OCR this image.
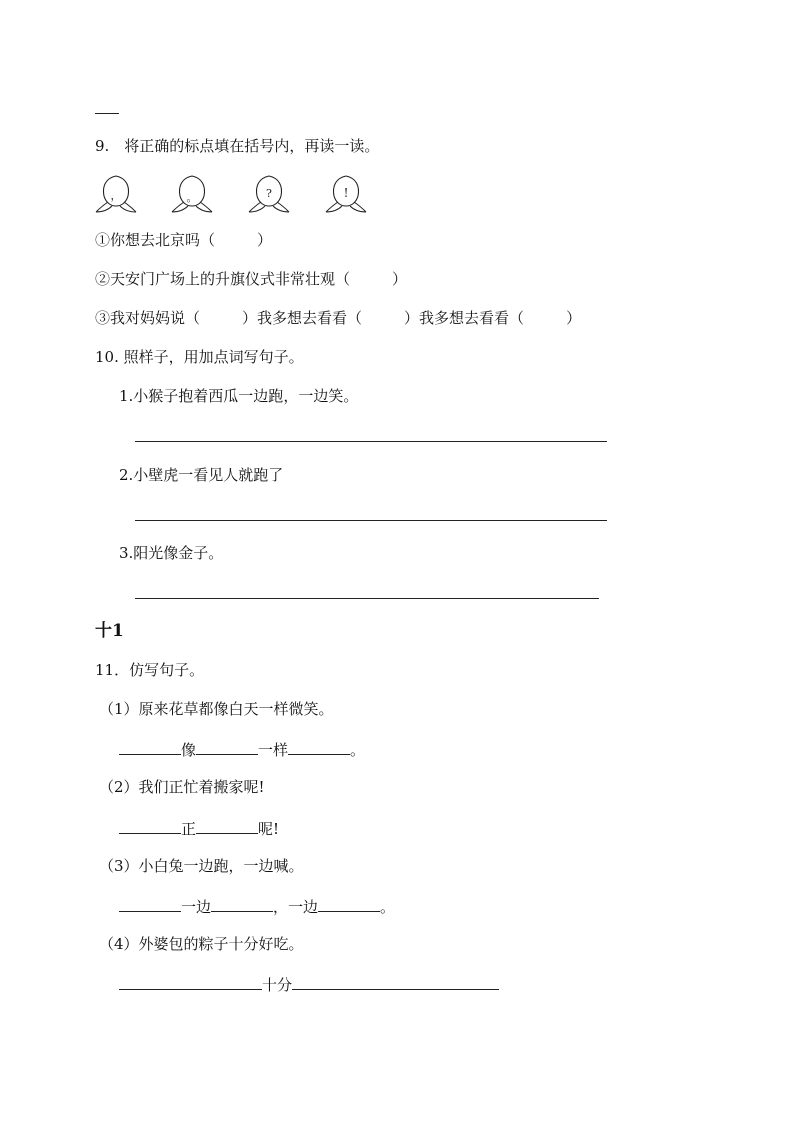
9.　将正确的标点填在括号内，再读一读。
，	。	?	!
①你想去北京吗（	）
②天安门广场上的升旗仪式非常壮观（	）
③我对妈妈说（	）我多想去看看（	）我多想去看看（	）
10. 照样子，用加点词写句子。
1.小猴子抱着西瓜一边跑，一边笑。
2.小壁虎一看见人就跑了
3.阳光像金子。
十1
11．仿写句子。
（1）原来花草都像白天一样微笑。
像	一样	。
（2）我们正忙着搬家呢!
正	呢!
（3）小白兔一边跑，一边喊。
一边	，一边	。
（4）外婆包的粽子十分好吃。
十分
